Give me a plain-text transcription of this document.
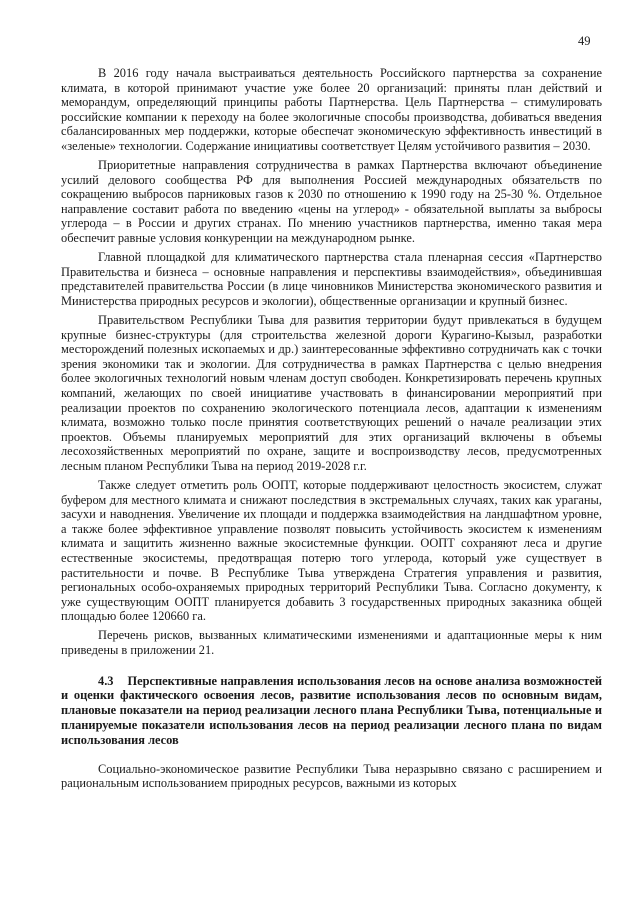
49

В 2016 году начала выстраиваться деятельность Российского партнерства за сохранение климата, в которой принимают участие уже более 20 организаций: приняты план действий и меморандум, определяющий принципы работы Партнерства. Цель Партнерства – стимулировать российские компании к переходу на более экологичные способы производства, добиваться введения сбалансированных мер поддержки, которые обеспечат экономическую эффективность инвестиций в «зеленые» технологии. Содержание инициативы соответствует Целям устойчивого развития – 2030.

Приоритетные направления сотрудничества в рамках Партнерства включают объединение усилий делового сообщества РФ для выполнения Россией международных обязательств по сокращению выбросов парниковых газов к 2030 по отношению к 1990 году на 25-30 %. Отдельное направление составит работа по введению «цены на углерод» - обязательной выплаты за выбросы углерода – в России и других странах. По мнению участников партнерства, именно такая мера обеспечит равные условия конкуренции на международном рынке.

Главной площадкой для климатического партнерства стала пленарная сессия «Партнерство Правительства и бизнеса – основные направления и перспективы взаимодействия», объединившая представителей правительства России (в лице чиновников Министерства экономического развития и Министерства природных ресурсов и экологии), общественные организации и крупный бизнес.

Правительством Республики Тыва для развития территории будут привлекаться в будущем крупные бизнес-структуры (для строительства железной дороги Курагино-Кызыл, разработки месторождений полезных ископаемых и др.) заинтересованные эффективно сотрудничать как с точки зрения экономики так и экологии. Для сотрудничества в рамках Партнерства с целью внедрения более экологичных технологий новым членам доступ свободен. Конкретизировать перечень крупных компаний, желающих по своей инициативе участвовать в финансировании мероприятий при реализации проектов по сохранению экологического потенциала лесов, адаптации к изменениям климата, возможно только после принятия соответствующих решений о начале реализации этих проектов. Объемы планируемых мероприятий для этих организаций включены в объемы лесохозяйственных мероприятий по охране, защите и воспроизводству лесов, предусмотренных лесным планом Республики Тыва на период 2019-2028 г.г.

Также следует отметить роль ООПТ, которые поддерживают целостность экосистем, служат буфером для местного климата и снижают последствия в экстремальных случаях, таких как ураганы, засухи и наводнения. Увеличение их площади и поддержка взаимодействия на ландшафтном уровне, а также более эффективное управление позволят повысить устойчивость экосистем к изменениям климата и защитить жизненно важные экосистемные функции. ООПТ сохраняют леса и другие естественные экосистемы, предотвращая потерю того углерода, который уже существует в растительности и почве. В Республике Тыва утверждена Стратегия управления и развития, региональных особо-охраняемых природных территорий Республики Тыва. Согласно документу, к уже существующим ООПТ планируется добавить 3 государственных природных заказника общей площадью более 120660 га.

Перечень рисков, вызванных климатическими изменениями и адаптационные меры к ним приведены в приложении 21.

4.3 Перспективные направления использования лесов на основе анализа возможностей и оценки фактического освоения лесов, развитие использования лесов по основным видам, плановые показатели на период реализации лесного плана Республики Тыва, потенциальные и планируемые показатели использования лесов на период реализации лесного плана по видам использования лесов

Социально-экономическое развитие Республики Тыва неразрывно связано с расширением и рациональным использованием природных ресурсов, важными из которых
